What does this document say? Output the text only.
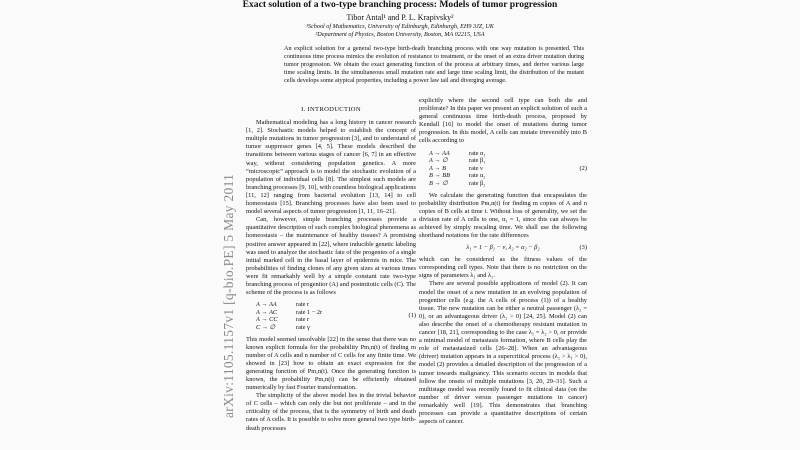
arXiv:1105.1157v1 [q-bio.PE] 5 May 2011
Exact solution of a two-type branching process: Models of tumor progression
Tibor Antal¹ and P. L. Krapivsky²
¹School of Mathematics, University of Edinburgh, Edinburgh, EH9 3JZ, UK
²Department of Physics, Boston University, Boston, MA 02215, USA
An explicit solution for a general two-type birth-death branching process with one way mutation is presented. This continuous time process mimics the evolution of resistance to treatment, or the onset of an extra driver mutation during tumor progression. We obtain the exact generating function of the process at arbitrary times, and derive various large time scaling limits. In the simultaneous small mutation rate and large time scaling limit, the distribution of the mutant cells develops some atypical properties, including a power law tail and diverging average.
I. INTRODUCTION

Mathematical modeling has a long history in cancer research [1, 2]. Stochastic models helped to establish the concept of multiple mutations in tumor progression [3], and to understand of tumor suppressor genes [4, 5]. These models described the transitions between various stages of cancer [6, 7] in an effective way, without considering population genetics. A more “microscopic” approach is to model the stochastic evolution of a population of individual cells [8]. The simplest such models are branching processes [9, 10], with countless biological applications [11, 12] ranging from bacterial evolution [13, 14] to cell homeostasis [15]. Branching processes have also been used to model several aspects of tumor progression [1, 11, 16–21].

Can, however, simple branching processes provide a quantitative description of such complex biological phenomena as homeostasis – the maintenance of healthy tissues? A promising positive answer appeared in [22], where inducible genetic labeling was used to analyze the stochastic fate of the progenies of a single initial marked cell in the basal layer of epidermis in mice. The probabilities of finding clones of any given sizes at various times were fit remarkably well by a simple constant rate two-type branching process of progenitor (A) and postmitotic cells (C). The scheme of the process is as follows

A → AA	rate r
A → AC	rate 1 − 2r
A → CC	rate r
C → ∅	rate γ
(1)

This model seemed unsolvable [22] in the sense that there was no known explicit formula for the probability Pm,n(t) of finding m number of A cells and n number of C cells for any finite time. We showed in [23] how to obtain an exact expression for the generating function of Pm,n(t). Once the generating function is known, the probability Pm,n(t) can be efficiently obtained numerically by fast Fourier transformation.

The simplicity of the above model lies in the trivial behavior of C cells – which can only die but not proliferate – and in the criticality of the process, that is the symmetry of birth and death rates of A cells. It is possible to solve more general two type birth-death processes

explicitly where the second cell type can both die and proliferate? In this paper we present an explicit solution of such a general continuous time birth-death process, proposed by Kendall [16] to model the onset of mutations during tumor progression. In this model, A cells can mutate irreversibly into B cells according to

A → AA	rate α₁
A → ∅	rate β₁
A → B	rate ν
B → BB	rate α₂
B → ∅	rate β₂
(2)

We calculate the generating function that encapsulates the probability distribution Pm,n(t) for finding m copies of A and n copies of B cells at time t. Without loss of generality, we set the division rate of A cells to one, α₁ = 1, since this can always be achieved by simply rescaling time. We shall use the following shorthand notations for the rate differences

λ₁ = 1 − β₁ − ν, λ₂ = α₂ − β₂	(3)

which can be considered as the fitness values of the corresponding cell types. Note that there is no restriction on the signs of parameters λ₁ and λ₂.

There are several possible applications of model (2). It can model the onset of a new mutation in an evolving population of progenitor cells (e.g. the A cells of process (1)) of a healthy tissue. The new mutation can be either a neutral passenger (λ₂ = 0), or an advantageous driver (λ₂ > 0) [24, 25]. Model (2) can also describe the onset of a chemotherapy resistant mutation in cancer [18, 21], corresponding to the case λ₁ = λ₂ > 0, or provide a minimal model of metastasis formation, where B cells play the role of metastasized cells [26–28]. When an advantageous (driver) mutation appears in a supercritical process (λ₂ > λ₁ > 0), model (2) provides a detailed description of the progression of a tumor towards malignancy. This scenario occurs in models that follow the onsets of multiple mutations [3, 20, 29–31]. Such a multistage model was recently found to fit clinical data (on the number of driver versus passenger mutations in cancer) remarkably well [19]. This demonstrates that branching processes can provide a quantitative descriptions of certain aspects of cancer.
